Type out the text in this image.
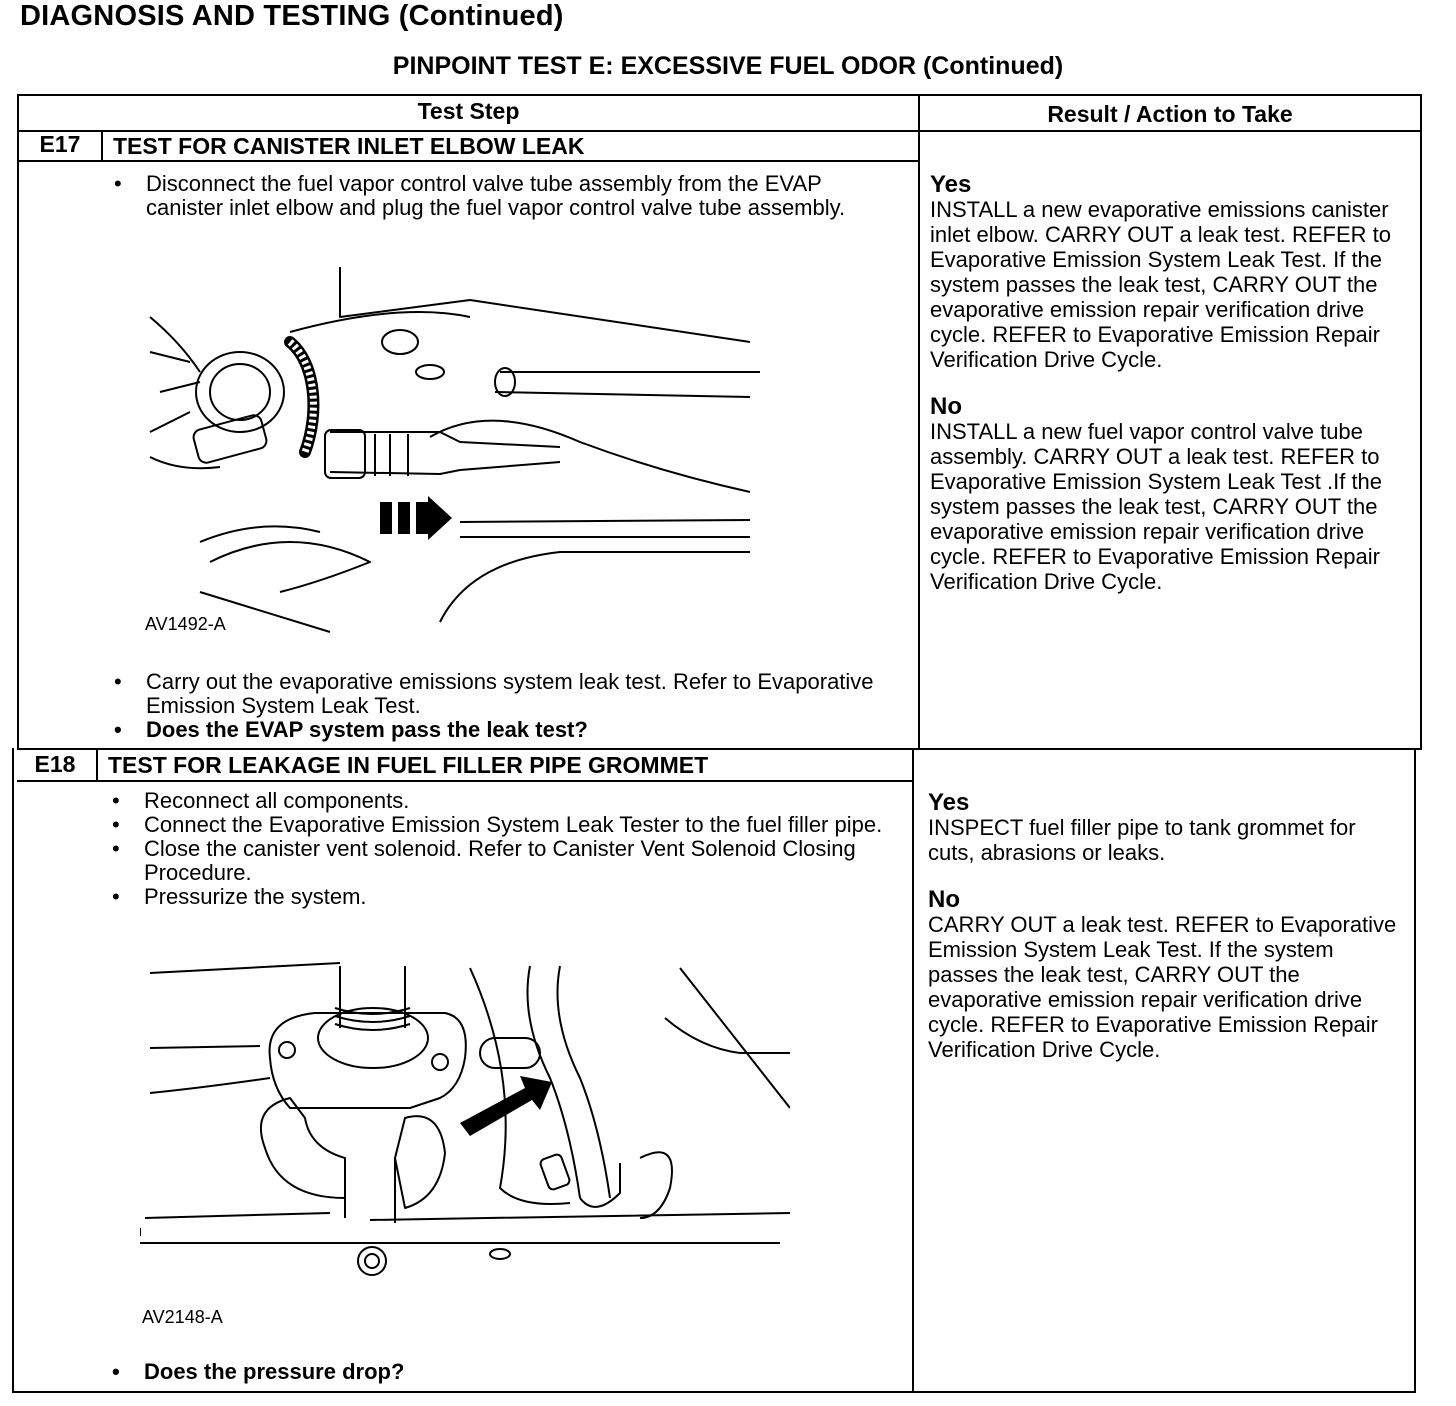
DIAGNOSIS AND TESTING (Continued)
PINPOINT TEST E: EXCESSIVE FUEL ODOR (Continued)
Test Step	Result / Action to Take
E17	TEST FOR CANISTER INLET ELBOW LEAK
• Disconnect the fuel vapor control valve tube assembly from the EVAP canister inlet elbow and plug the fuel vapor control valve tube assembly.
AV1492-A
• Carry out the evaporative emissions system leak test. Refer to Evaporative Emission System Leak Test.
• Does the EVAP system pass the leak test?
Yes

INSTALL a new evaporative emissions canister inlet elbow. CARRY OUT a leak test. REFER to Evaporative Emission System Leak Test. If the system passes the leak test, CARRY OUT the evaporative emission repair verification drive cycle. REFER to Evaporative Emission Repair Verification Drive Cycle.

No

INSTALL a new fuel vapor control valve tube assembly. CARRY OUT a leak test. REFER to Evaporative Emission System Leak Test .If the system passes the leak test, CARRY OUT the evaporative emission repair verification drive cycle. REFER to Evaporative Emission Repair Verification Drive Cycle.

E18	TEST FOR LEAKAGE IN FUEL FILLER PIPE GROMMET
• Reconnect all components.
• Connect the Evaporative Emission System Leak Tester to the fuel filler pipe.
• Close the canister vent solenoid. Refer to Canister Vent Solenoid Closing Procedure.
• Pressurize the system.
AV2148-A
• Does the pressure drop?
Yes

INSPECT fuel filler pipe to tank grommet for cuts, abrasions or leaks.

No

CARRY OUT a leak test. REFER to Evaporative Emission System Leak Test. If the system passes the leak test, CARRY OUT the evaporative emission repair verification drive cycle. REFER to Evaporative Emission Repair Verification Drive Cycle.
